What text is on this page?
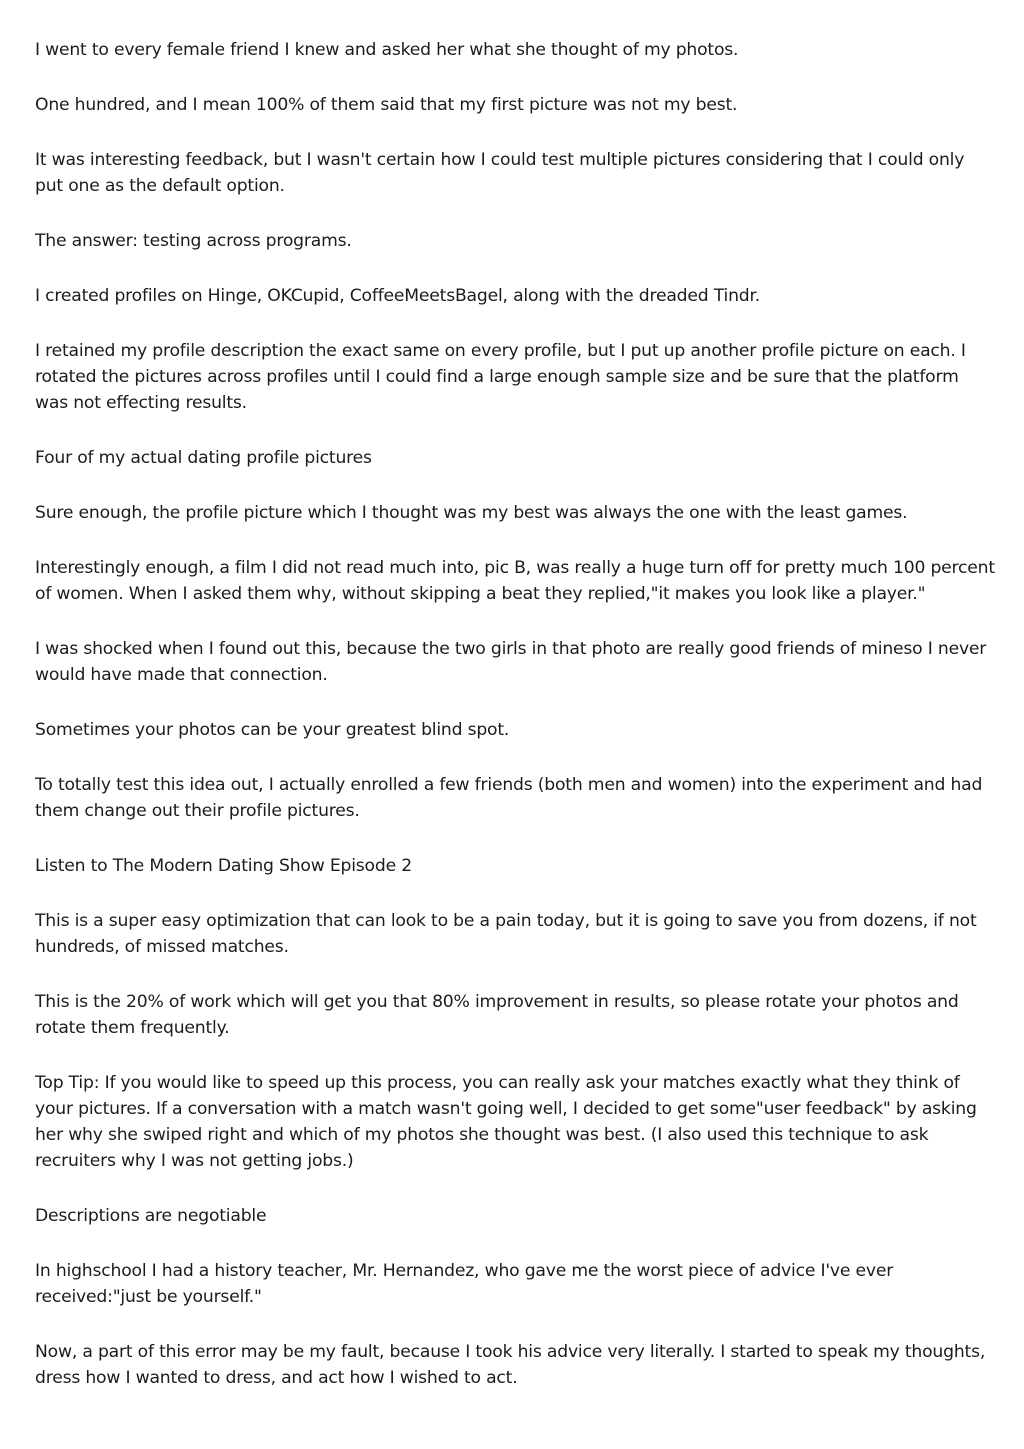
I went to every female friend I knew and asked her what she thought of my photos.

One hundred, and I mean 100% of them said that my first picture was not my best.

It was interesting feedback, but I wasn't certain how I could test multiple pictures considering that I could only put one as the default option.

The answer: testing across programs.

I created profiles on Hinge, OKCupid, CoffeeMeetsBagel, along with the dreaded Tindr.

I retained my profile description the exact same on every profile, but I put up another profile picture on each. I rotated the pictures across profiles until I could find a large enough sample size and be sure that the platform was not effecting results.

Four of my actual dating profile pictures

Sure enough, the profile picture which I thought was my best was always the one with the least games.

Interestingly enough, a film I did not read much into, pic B, was really a huge turn off for pretty much 100 percent of women. When I asked them why, without skipping a beat they replied,"it makes you look like a player."

I was shocked when I found out this, because the two girls in that photo are really good friends of mineso I never would have made that connection.

Sometimes your photos can be your greatest blind spot.

To totally test this idea out, I actually enrolled a few friends (both men and women) into the experiment and had them change out their profile pictures.

Listen to The Modern Dating Show Episode 2

This is a super easy optimization that can look to be a pain today, but it is going to save you from dozens, if not hundreds, of missed matches.

This is the 20% of work which will get you that 80% improvement in results, so please rotate your photos and rotate them frequently.

Top Tip: If you would like to speed up this process, you can really ask your matches exactly what they think of your pictures. If a conversation with a match wasn't going well, I decided to get some"user feedback" by asking her why she swiped right and which of my photos she thought was best. (I also used this technique to ask recruiters why I was not getting jobs.)

Descriptions are negotiable

In highschool I had a history teacher, Mr. Hernandez, who gave me the worst piece of advice I've ever received:"just be yourself."

Now, a part of this error may be my fault, because I took his advice very literally. I started to speak my thoughts, dress how I wanted to dress, and act how I wished to act.
